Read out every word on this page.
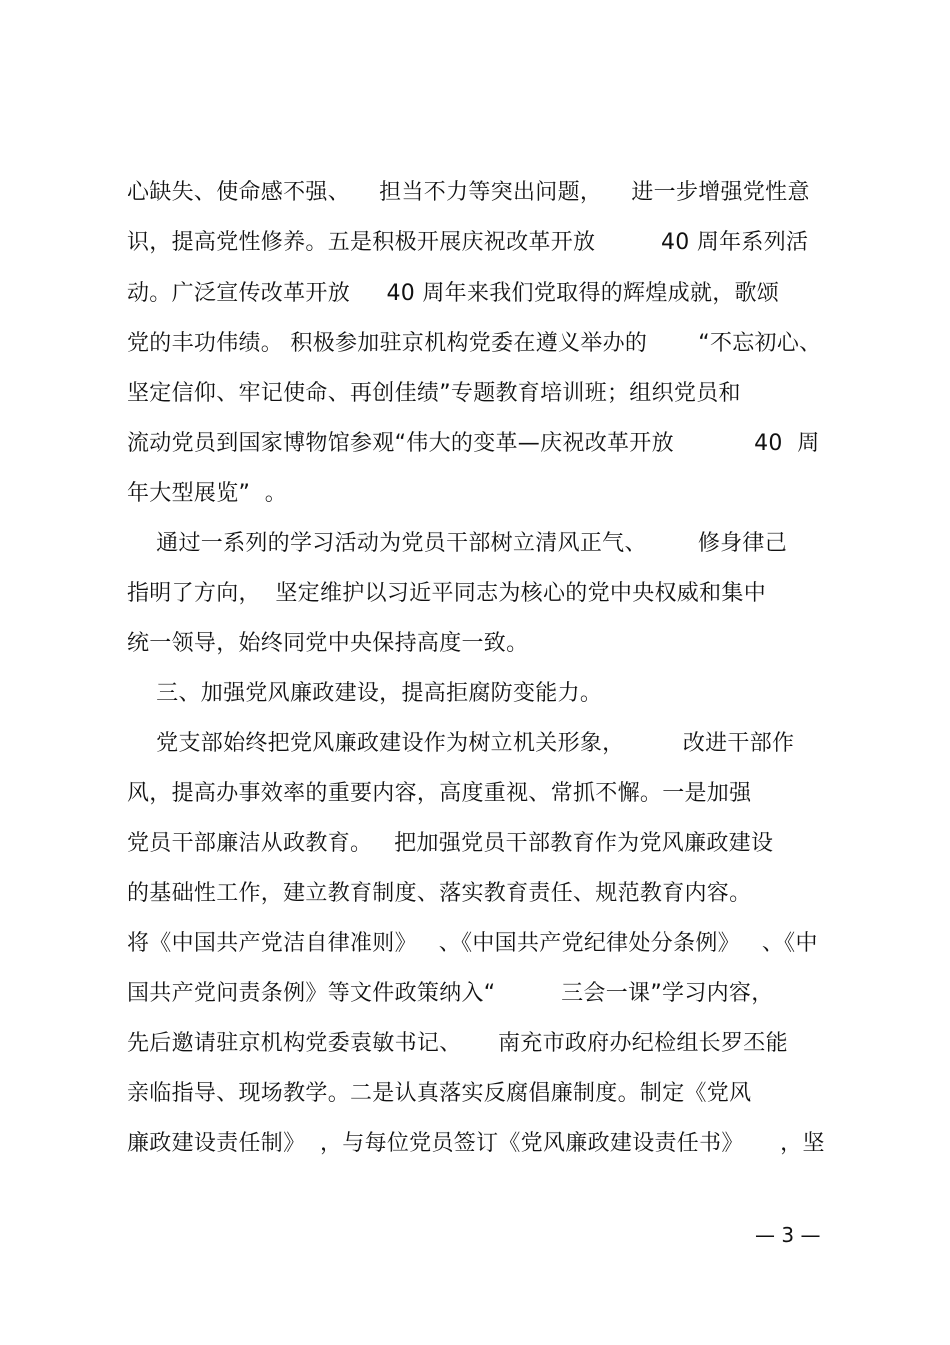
心缺失、使命感不强、    担当不力等突出问题，    进一步增强党性意
识，提高党性修养。五是积极开展庆祝改革开放         40 周年系列活
动。广泛宣传改革开放     40 周年来我们党取得的辉煌成就，歌颂
党的丰功伟绩。 积极参加驻京机构党委在遵义举办的       “不忘初心、
坚定信仰、牢记使命、再创佳绩”专题教育培训班；组织党员和
流动党员到国家博物馆参观“伟大的变革—庆祝改革开放           40  周
年大型展览”  。
通过一系列的学习活动为党员干部树立清风正气、       修身律己
指明了方向，  坚定维护以习近平同志为核心的党中央权威和集中
统一领导，始终同党中央保持高度一致。
三、加强党风廉政建设，提高拒腐防变能力。
党支部始终把党风廉政建设作为树立机关形象，        改进干部作
风，提高办事效率的重要内容，高度重视、常抓不懈。一是加强
党员干部廉洁从政教育。   把加强党员干部教育作为党风廉政建设
的基础性工作，建立教育制度、落实教育责任、规范教育内容。
将《中国共产党洁自律准则》   、《中国共产党纪律处分条例》   、《中
国共产党问责条例》等文件政策纳入“         三会一课”学习内容，
先后邀请驻京机构党委袁敏书记、     南充市政府办纪检组长罗丕能
亲临指导、现场教学。二是认真落实反腐倡廉制度。制定《党风
廉政建设责任制》  ，与每位党员签订《党风廉政建设责任书》     ，坚
— 3 —
